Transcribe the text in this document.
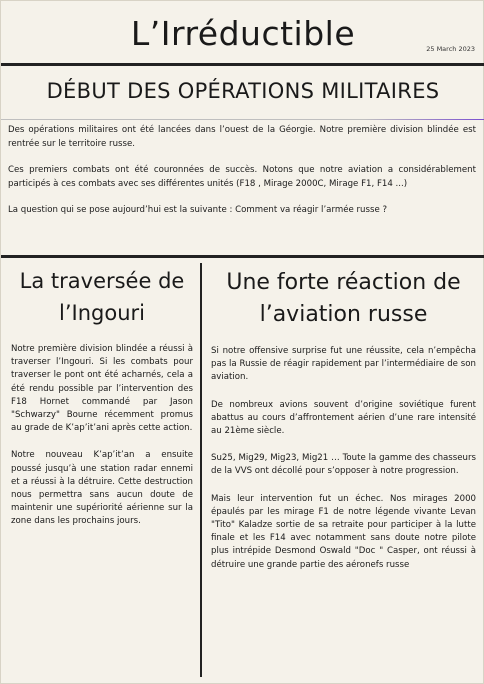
L’Irréductible	25 March 2023
DÉBUT DES OPÉRATIONS MILITAIRES

Des opérations militaires ont été lancées dans l’ouest de la Géorgie. Notre première division blindée est rentrée sur le territoire russe.

Ces premiers combats ont été couronnées de succès. Notons que notre aviation a considérablement participés à ces combats avec ses différentes unités (F18 , Mirage 2000C, Mirage F1, F14 ...)

La question qui se pose aujourd’hui est la suivante : Comment va réagir l’armée russe ?

La traversée de l’Ingouri

Notre première division blindée a réussi à traverser l’Ingouri. Si les combats pour traverser le pont ont été acharnés, cela a été rendu possible par l’intervention des F18 Hornet commandé par Jason "Schwarzy" Bourne récemment promus au grade de K’ap’it’ani après cette action.

Notre nouveau K’ap’it’an a ensuite poussé jusqu’à une station radar ennemi et a réussi à la détruire. Cette destruction nous permettra sans aucun doute de maintenir une supériorité aérienne sur la zone dans les prochains jours.

Une forte réaction de l’aviation russe

Si notre offensive surprise fut une réussite, cela n’empêcha pas la Russie de réagir rapidement par l’intermédiaire de son aviation.

De nombreux avions souvent d’origine soviétique furent abattus au cours d’affrontement aérien d’une rare intensité au 21ème siècle.

Su25, Mig29, Mig23, Mig21 … Toute la gamme des chasseurs de la VVS ont décollé pour s’opposer à notre progression.

Mais leur intervention fut un échec. Nos mirages 2000 épaulés par les mirage F1 de notre légende vivante Levan "Tito" Kaladze sortie de sa retraite pour participer à la lutte finale et les F14 avec notamment sans doute notre pilote plus intrépide Desmond Oswald "Doc " Casper, ont réussi à détruire une grande partie des aéronefs russe
